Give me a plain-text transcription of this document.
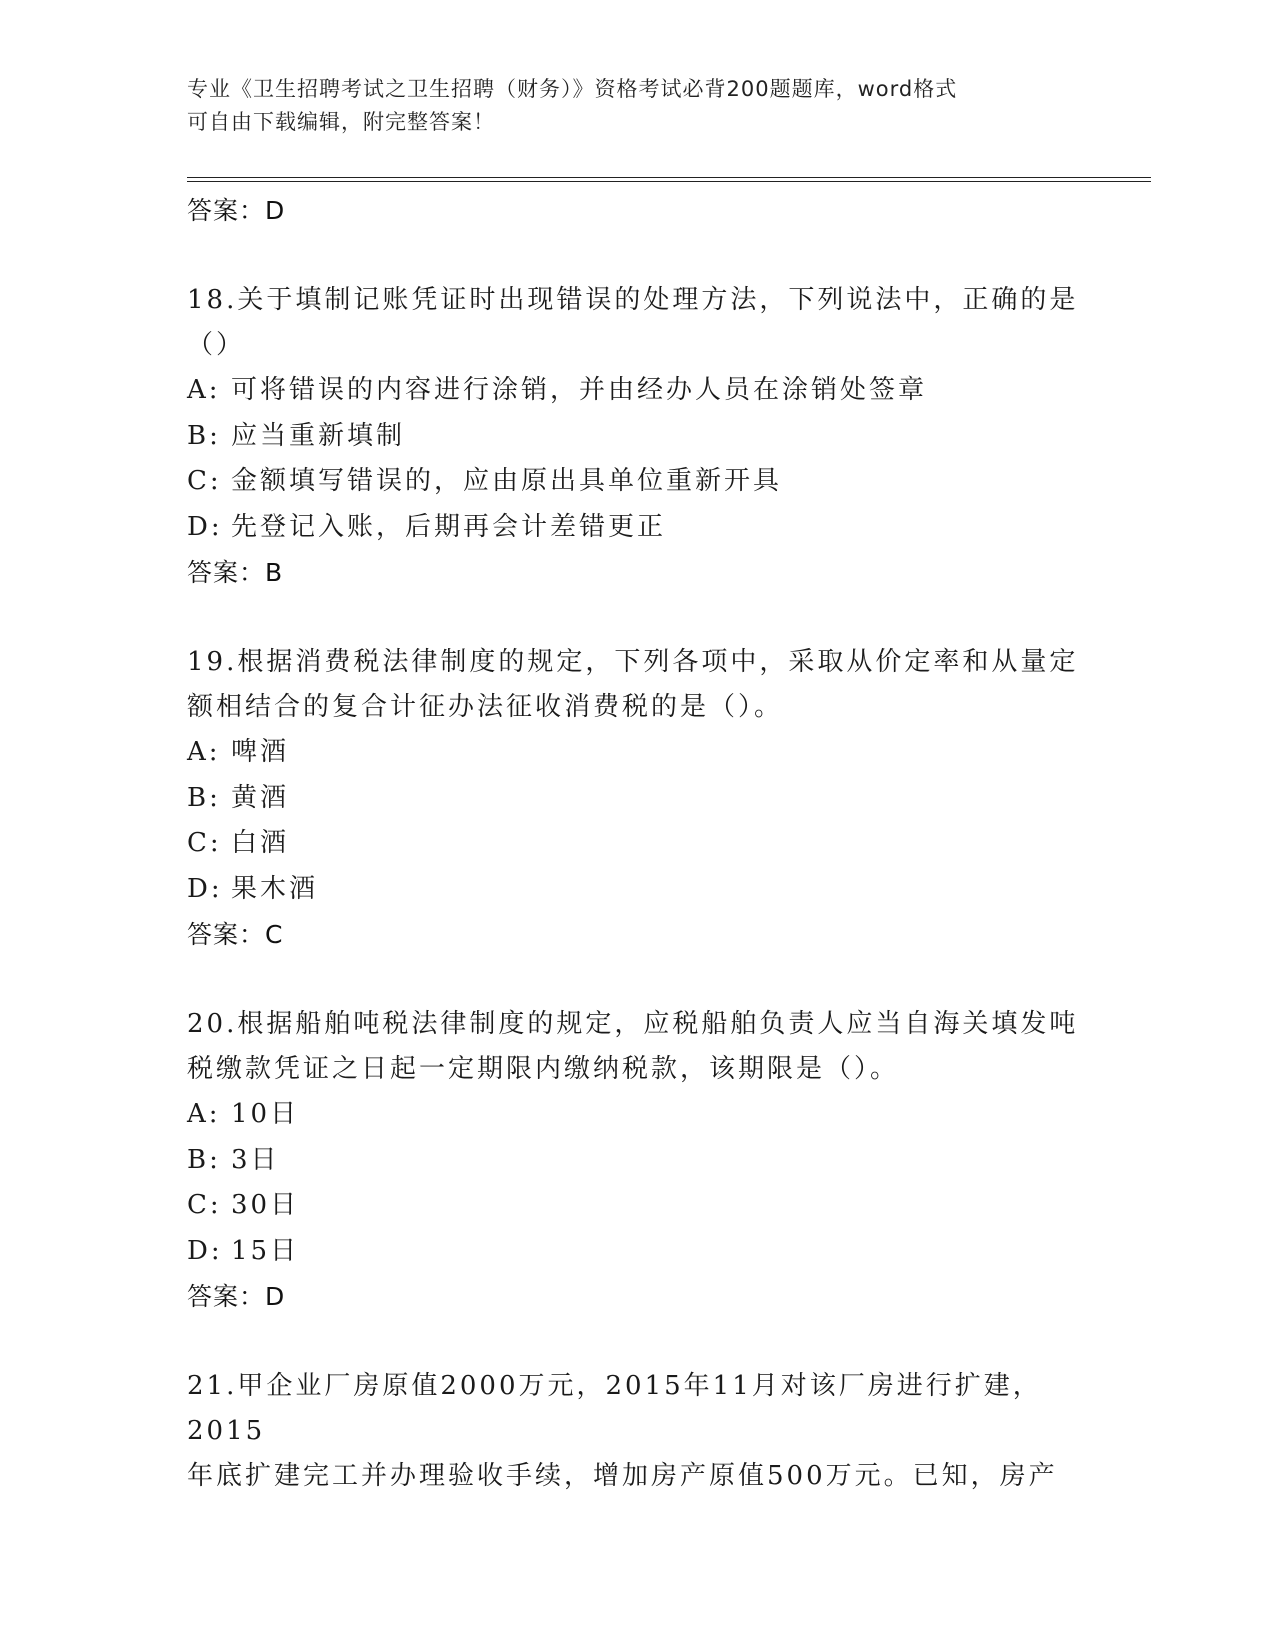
专业《卫生招聘考试之卫生招聘（财务）》资格考试必背200题题库，word格式
可自由下载编辑，附完整答案！
答案：D
18.关于填制记账凭证时出现错误的处理方法，下列说法中，正确的是
（）
A: 可将错误的内容进行涂销，并由经办人员在涂销处签章
B: 应当重新填制
C: 金额填写错误的，应由原出具单位重新开具
D: 先登记入账，后期再会计差错更正
答案：B
19.根据消费税法律制度的规定，下列各项中，采取从价定率和从量定
额相结合的复合计征办法征收消费税的是（）。
A: 啤酒
B: 黄酒
C: 白酒
D: 果木酒
答案：C
20.根据船舶吨税法律制度的规定，应税船舶负责人应当自海关填发吨
税缴款凭证之日起一定期限内缴纳税款，该期限是（）。
A: 10日
B: 3日
C: 30日
D: 15日
答案：D
21.甲企业厂房原值2000万元，2015年11月对该厂房进行扩建，2015
年底扩建完工并办理验收手续，增加房产原值500万元。已知，房产
